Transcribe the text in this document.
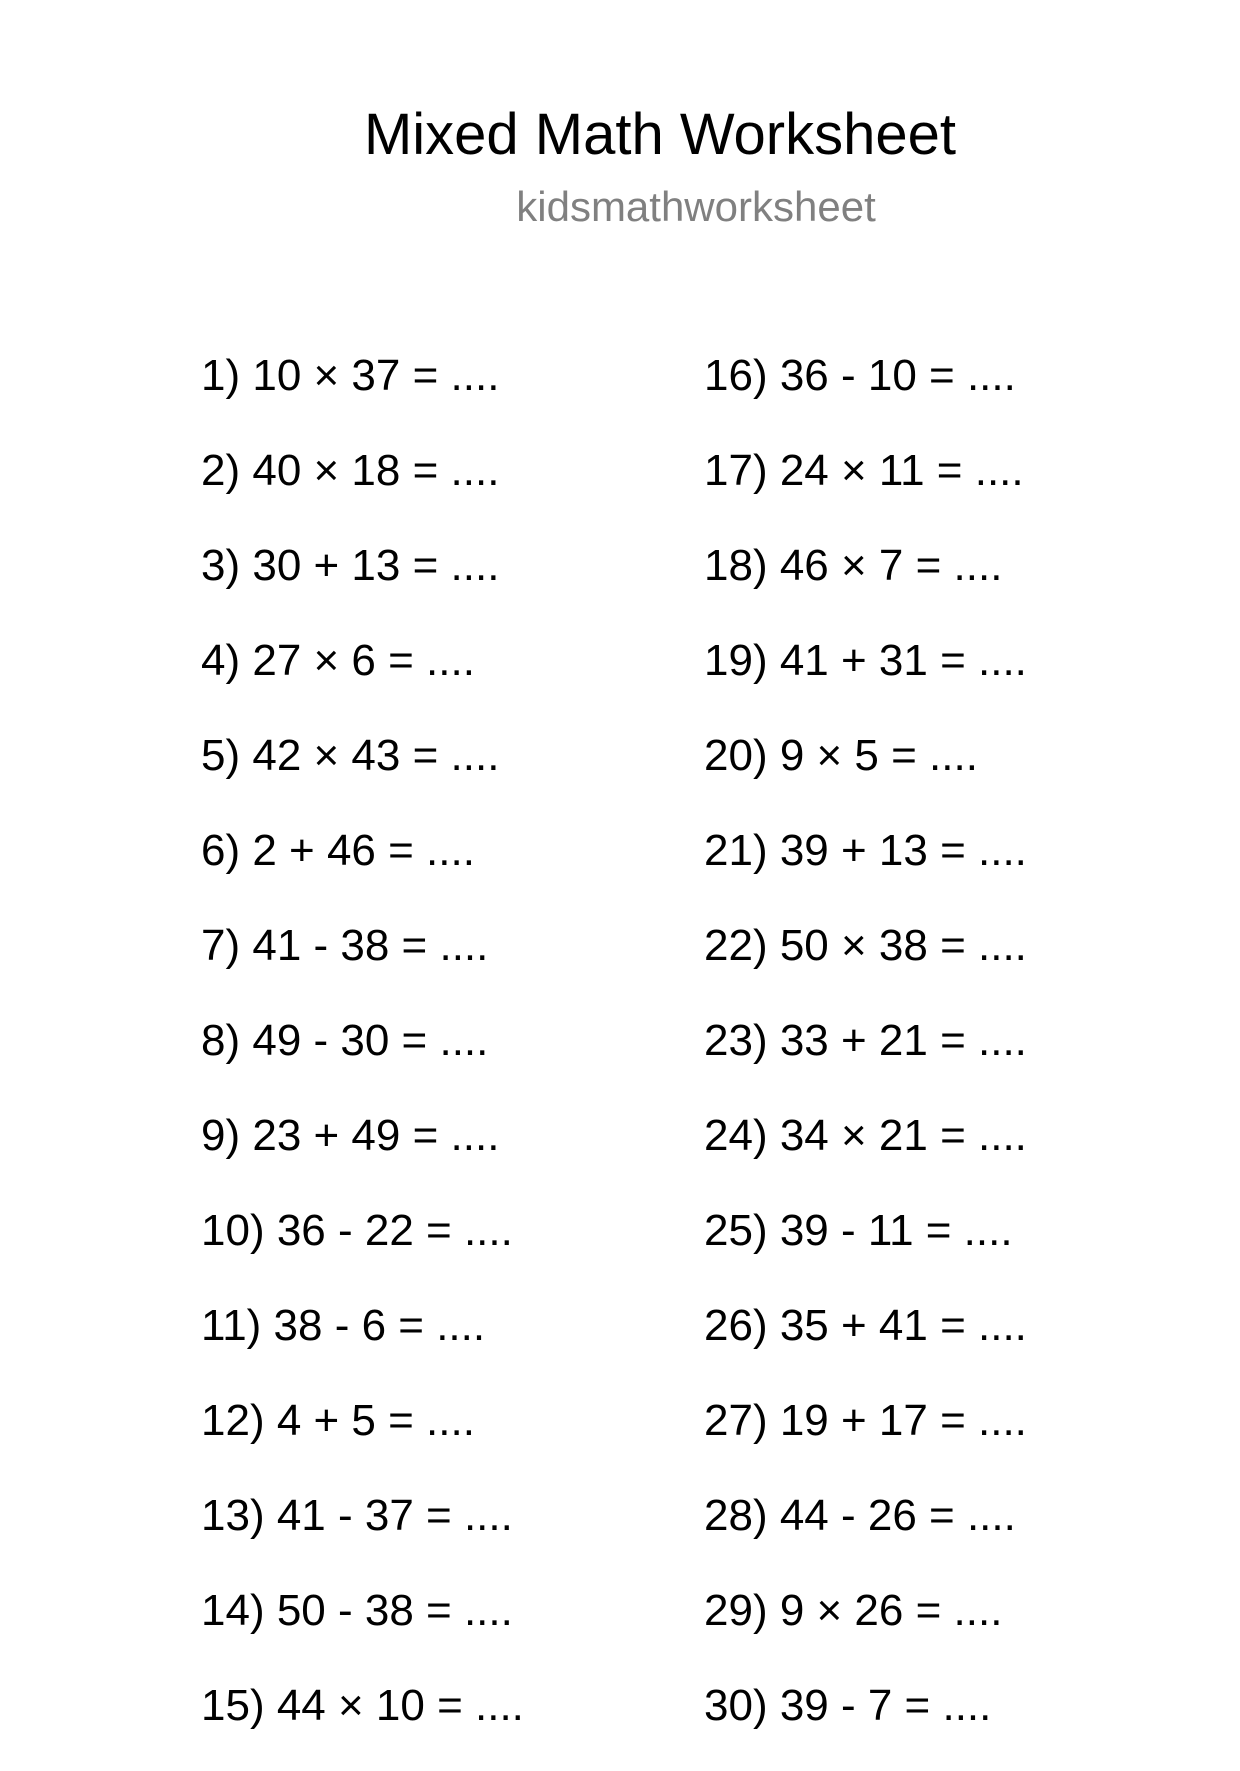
Mixed Math Worksheet
kidsmathworksheet
1) 10 × 37 = ....
2) 40 × 18 = ....
3) 30 + 13 = ....
4) 27 × 6 = ....
5) 42 × 43 = ....
6) 2 + 46 = ....
7) 41 - 38 = ....
8) 49 - 30 = ....
9) 23 + 49 = ....
10) 36 - 22 = ....
11) 38 - 6 = ....
12) 4 + 5 = ....
13) 41 - 37 = ....
14) 50 - 38 = ....
15) 44 × 10 = ....
16) 36 - 10 = ....
17) 24 × 11 = ....
18) 46 × 7 = ....
19) 41 + 31 = ....
20) 9 × 5 = ....
21) 39 + 13 = ....
22) 50 × 38 = ....
23) 33 + 21 = ....
24) 34 × 21 = ....
25) 39 - 11 = ....
26) 35 + 41 = ....
27) 19 + 17 = ....
28) 44 - 26 = ....
29) 9 × 26 = ....
30) 39 - 7 = ....
